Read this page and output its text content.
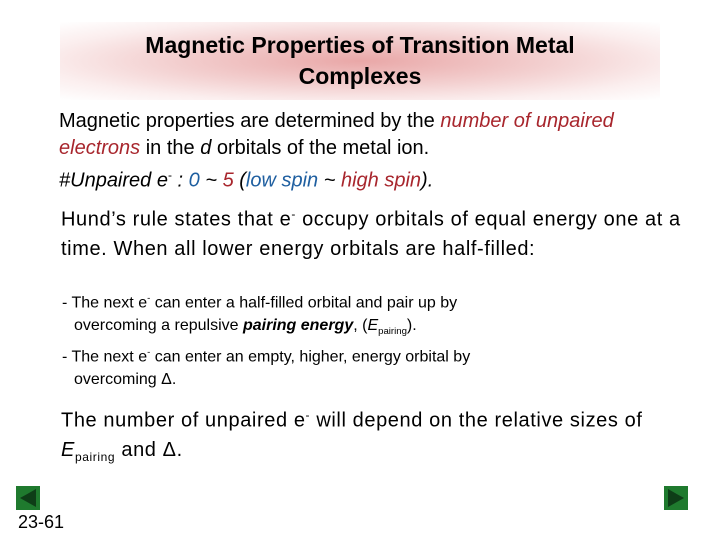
Magnetic Properties of Transition Metal
Complexes
Magnetic properties are determined by the number of unpaired electrons in the d orbitals of the metal ion.
#Unpaired e- : 0 ~ 5 (low spin ~ high spin).
Hund’s rule states that e- occupy orbitals of equal energy one at a time. When all lower energy orbitals are half-filled:
- The next e- can enter a half-filled orbital and pair up by
overcoming a repulsive pairing energy, $(E_{pairing})$.
- The next e- can enter an empty, higher, energy orbital by
overcoming Δ.
The number of unpaired e- will depend on the relative sizes of $E_{pairing}$ and Δ.
23-61
